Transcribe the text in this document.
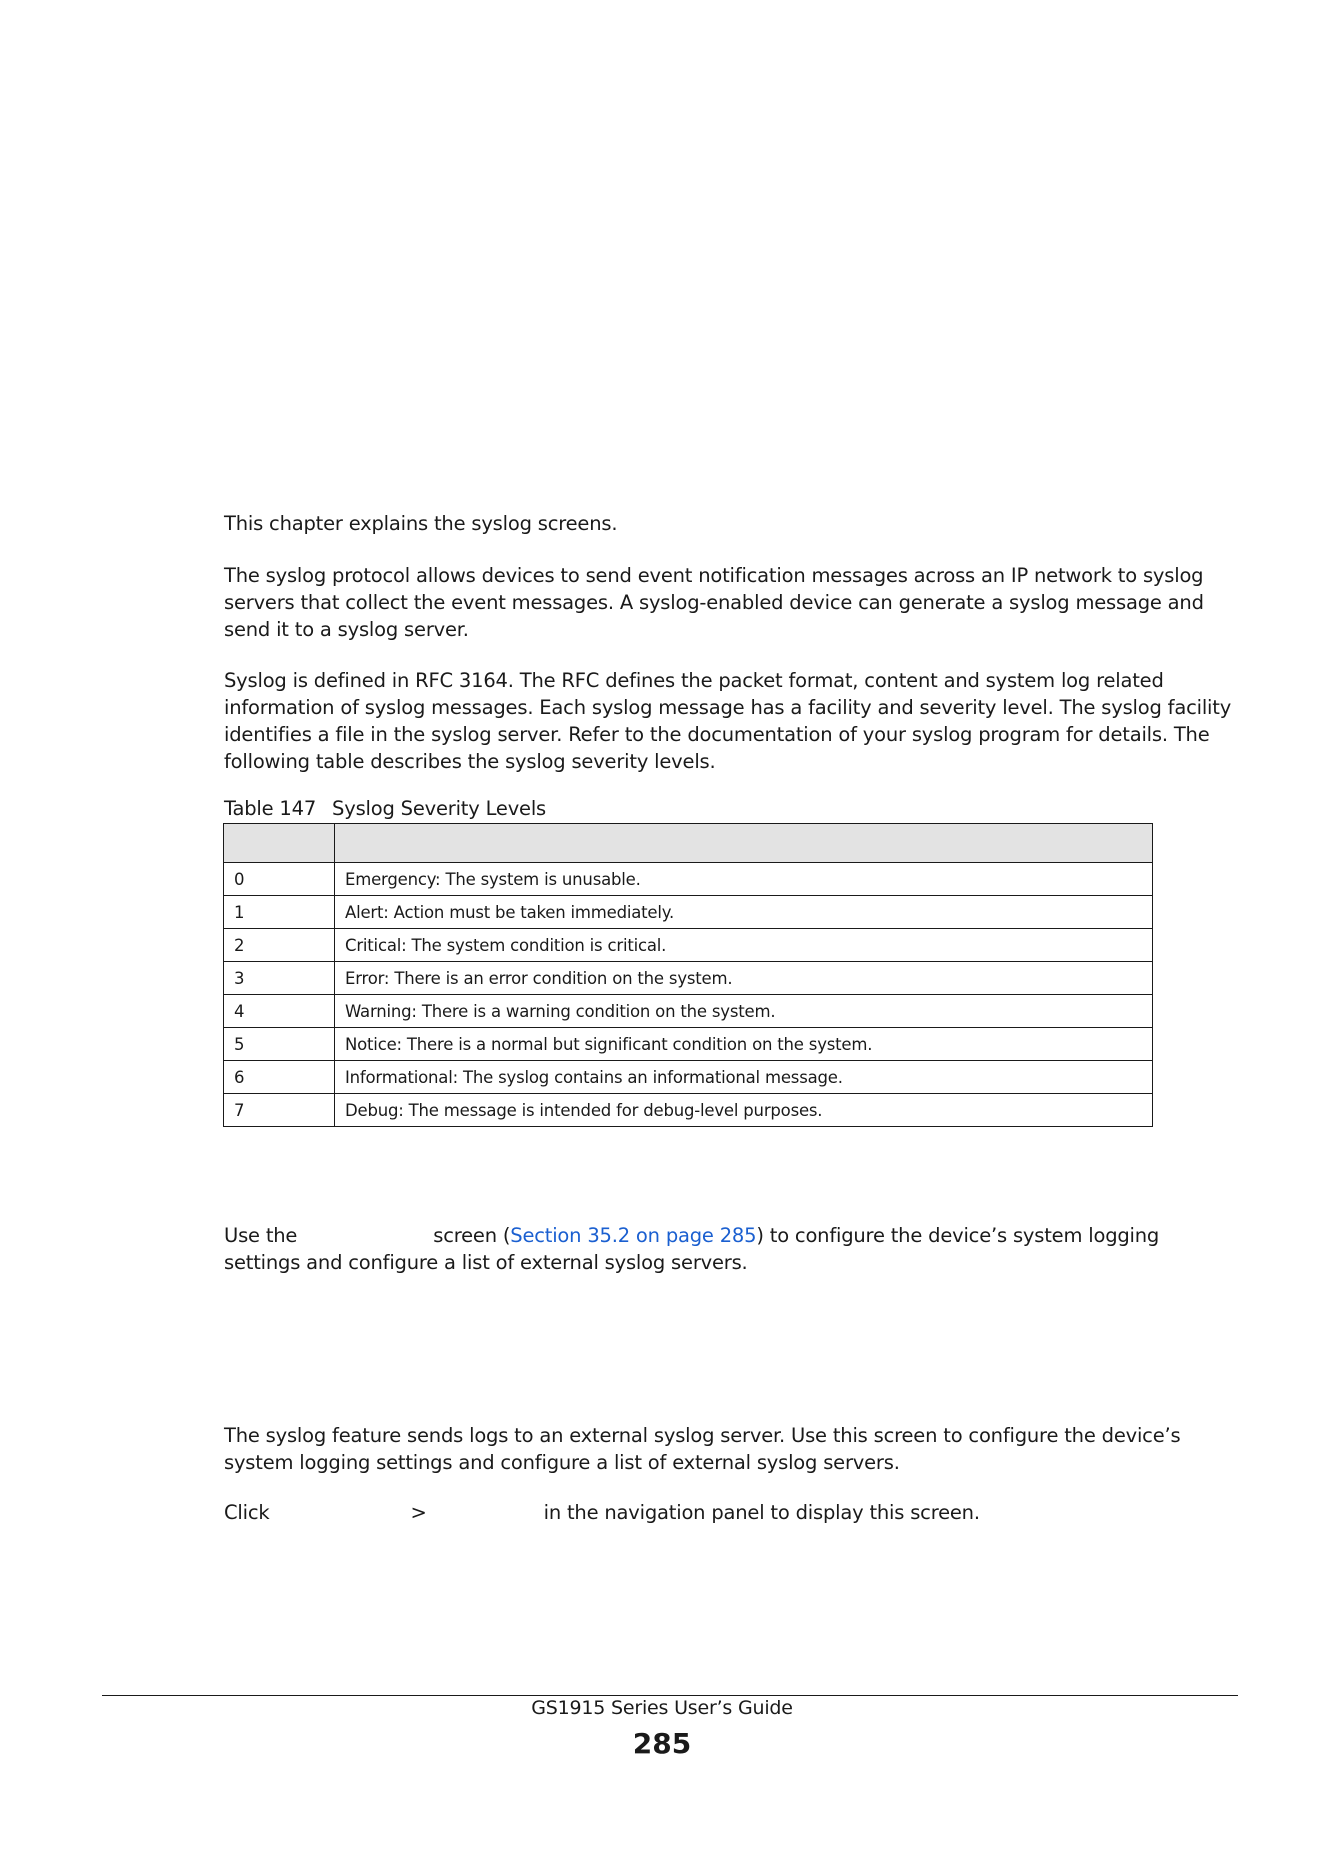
This chapter explains the syslog screens.

The syslog protocol allows devices to send event notification messages across an IP network to syslog servers that collect the event messages. A syslog-enabled device can generate a syslog message and send it to a syslog server.

Syslog is defined in RFC 3164. The RFC defines the packet format, content and system log related information of syslog messages. Each syslog message has a facility and severity level. The syslog facility identifies a file in the syslog server. Refer to the documentation of your syslog program for details. The following table describes the syslog severity levels.

Table 147 Syslog Severity Levels

0	Emergency: The system is unusable.
1	Alert: Action must be taken immediately.
2	Critical: The system condition is critical.
3	Error: There is an error condition on the system.
4	Warning: There is a warning condition on the system.
5	Notice: There is a normal but significant condition on the system.
6	Informational: The syslog contains an informational message.
7	Debug: The message is intended for debug-level purposes.

Use the	screen (Section 35.2 on page 285) to configure the device’s system logging settings and configure a list of external syslog servers.

The syslog feature sends logs to an external syslog server. Use this screen to configure the device’s system logging settings and configure a list of external syslog servers.

Click	>	in the navigation panel to display this screen.

GS1915 Series User’s Guide
285
